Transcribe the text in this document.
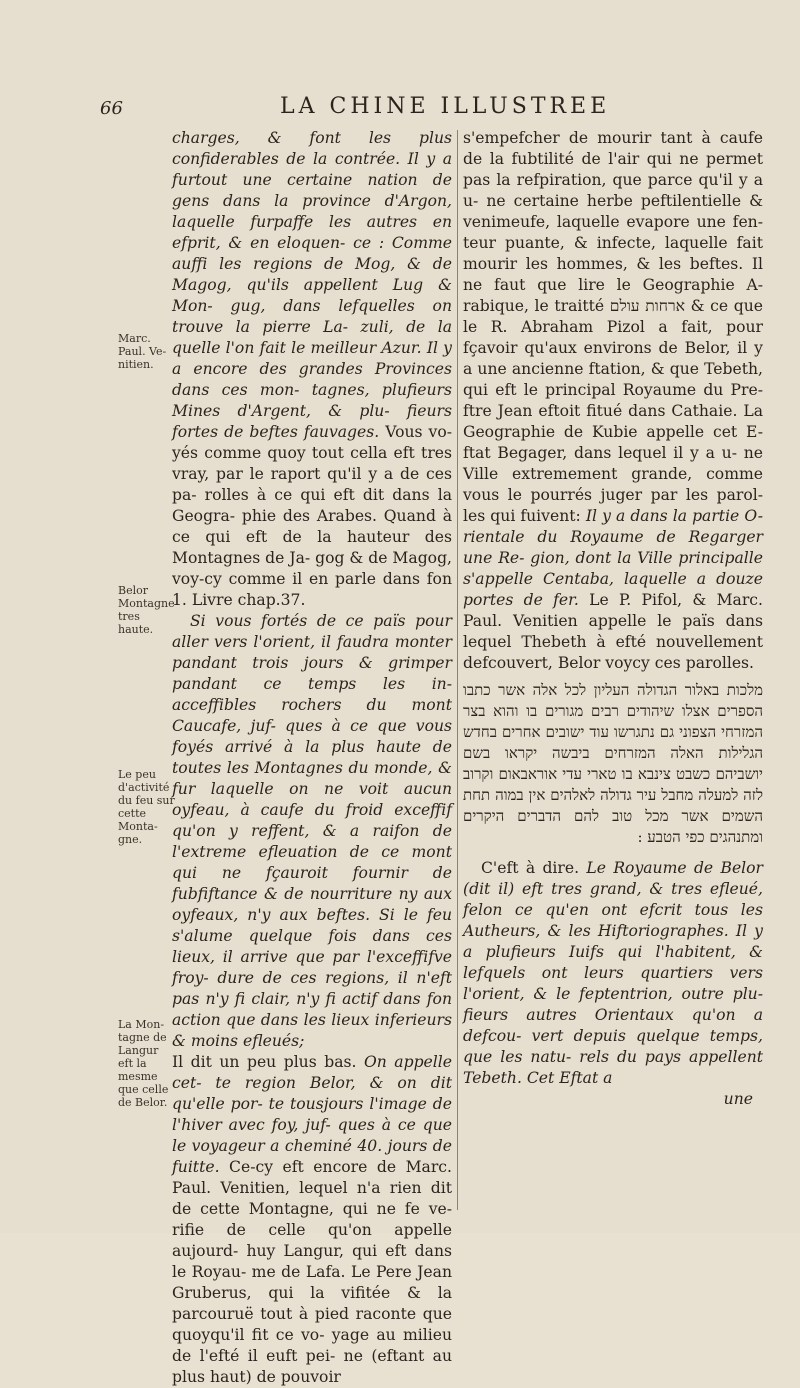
66	LA CHINE ILLUSTREE
Marc. Paul. Ve- nitien.
Belor Montagne tres haute.
Le peu d'activité du feu sur cette Monta- gne.
La Mon- tagne de Langur eft la mesme que celle de Belor.

charges, & font les plus confiderables de la contrée. Il y a furtout une certaine nation de gens dans la province d'Argon, laquelle furpaffe les autres en efprit, & en eloquen- ce : Comme auffi les regions de Mog, & de Magog, qu'ils appellent Lug & Mon- gug, dans lefquelles on trouve la pierre La- zuli, de la quelle l'on fait le meilleur Azur. Il y a encore des grandes Provinces dans ces mon- tagnes, plufieurs Mines d'Argent, & plu- fieurs fortes de beftes fauvages. Vous vo- yés comme quoy tout cella eft tres vray, par le raport qu'il y a de ces pa- rolles à ce qui eft dit dans la Geogra- phie des Arabes. Quand à ce qui eft de la hauteur des Montagnes de Ja- gog & de Magog, voy-cy comme il en parle dans fon 1. Livre chap.37.

Si vous fortés de ce païs pour aller vers l'orient, il faudra monter pandant trois jours & grimper pandant ce temps les in- acceffibles rochers du mont Caucafe, juf- ques à ce que vous foyés arrivé à la plus haute de toutes les Montagnes du monde, & fur laquelle on ne voit aucun oyfeau, à caufe du froid exceffif qu'on y reffent, & a raifon de l'extreme efleuation de ce mont qui ne fçauroit fournir de fubfiftance & de nourriture ny aux oyfeaux, n'y aux beftes. Si le feu s'alume quelque fois dans ces lieux, il arrive que par l'exceffifve froy- dure de ces regions, il n'eft pas n'y fi clair, n'y fi actif dans fon action que dans les lieux inferieurs & moins efleués;

Il dit un peu plus bas. On appelle cet- te region Belor, & on dit qu'elle por- te tousjours l'image de l'hiver avec foy, juf- ques à ce que le voyageur a cheminé 40. jours de fuitte. Ce-cy eft encore de Marc. Paul. Venitien, lequel n'a rien dit de cette Montagne, qui ne fe ve- rifie de celle qu'on appelle aujourd- huy Langur, qui eft dans le Royau- me de Lafa. Le Pere Jean Gruberus, qui la vifitée & la parcouruë tout à pied raconte que quoyqu'il fit ce vo- yage au milieu de l'efté il euft pei- ne (eftant au plus haut) de pouvoir

s'empefcher de mourir tant à caufe de la fubtilité de l'air qui ne permet pas la refpiration, que parce qu'il y a u- ne certaine herbe peftilentielle & venimeufe, laquelle evapore une fen- teur puante, & infecte, laquelle fait mourir les hommes, & les beftes. Il ne faut que lire le Geographie A- rabique, le traitté ארחות עולם & ce que le R. Abraham Pizol a fait, pour fçavoir qu'aux environs de Belor, il y a une ancienne ftation, & que Tebeth, qui eft le principal Royaume du Pre- ftre Jean eftoit fitué dans Cathaie. La Geographie de Kubie appelle cet E- ftat Begager, dans lequel il y a u- ne Ville extremement grande, comme vous le pourrés juger par les parol- les qui fuivent: Il y a dans la partie O- rientale du Royaume de Regarger une Re- gion, dont la Ville principalle s'appelle Centaba, laquelle a douze portes de fer. Le P. Pifol, & Marc. Paul. Venitien appelle le païs dans lequel Thebeth à efté nouvellement defcouvert, Belor voycy ces parolles.

מלכות באלור הגדולה העליון לכל אלה אשר כתבו הספרים אצלו שיהודים רבים מגורים בו והוא בצר המזרחי הצפוני גם נתגרשו עוד ישובים אחרים בחדש הגלילות האלה המזרחים ביבשה יקראו בשם יושביהם כשבט צינבא בו טארי עדי אוראבאום וקרוב לזה למעלה מחבל עיר גדולה לאלהים אין במוה תחת השמים אשר מכל טוב להם הדברים היקרים ומתנהגים כפי הטבע :

C'eft à dire. Le Royaume de Belor (dit il) eft tres grand, & tres efleué, felon ce qu'en ont efcrit tous les Autheurs, & les Hiftoriographes. Il y a plufieurs Iuifs qui l'habitent, & lefquels ont leurs quartiers vers l'orient, & le feptentrion, outre plu- fieurs autres Orientaux qu'on a defcou- vert depuis quelque temps, que les natu- rels du pays appellent Tebeth. Cet Eftat a

une
